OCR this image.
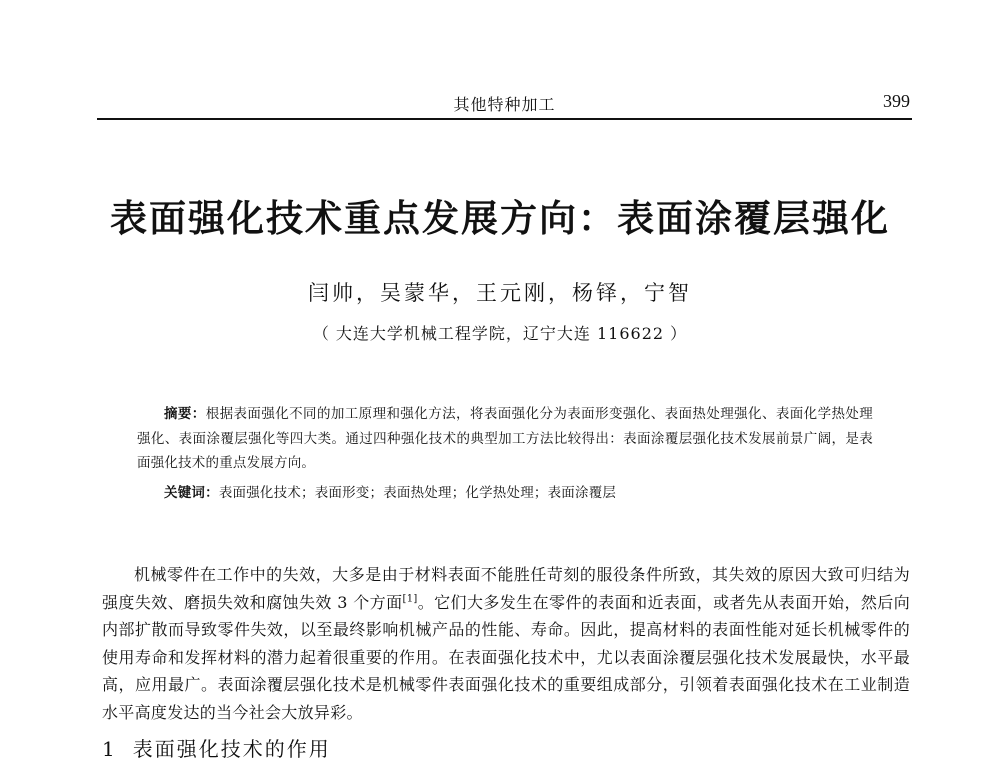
其他特种加工	399
表面强化技术重点发展方向：表面涂覆层强化
闫帅，吴蒙华，王元刚，杨铎，宁智
（ 大连大学机械工程学院，辽宁大连 116622 ）
摘要：根据表面强化不同的加工原理和强化方法，将表面强化分为表面形变强化、表面热处理强化、表面化学热处理强化、表面涂覆层强化等四大类。通过四种强化技术的典型加工方法比较得出：表面涂覆层强化技术发展前景广阔，是表面强化技术的重点发展方向。
关键词：表面强化技术；表面形变；表面热处理；化学热处理；表面涂覆层
机械零件在工作中的失效，大多是由于材料表面不能胜任苛刻的服役条件所致，其失效的原因大致可归结为强度失效、磨损失效和腐蚀失效 3 个方面[1]。它们大多发生在零件的表面和近表面，或者先从表面开始，然后向内部扩散而导致零件失效，以至最终影响机械产品的性能、寿命。因此，提高材料的表面性能对延长机械零件的使用寿命和发挥材料的潜力起着很重要的作用。在表面强化技术中，尤以表面涂覆层强化技术发展最快，水平最高，应用最广。表面涂覆层强化技术是机械零件表面强化技术的重要组成部分，引领着表面强化技术在工业制造水平高度发达的当今社会大放异彩。
1 表面强化技术的作用
